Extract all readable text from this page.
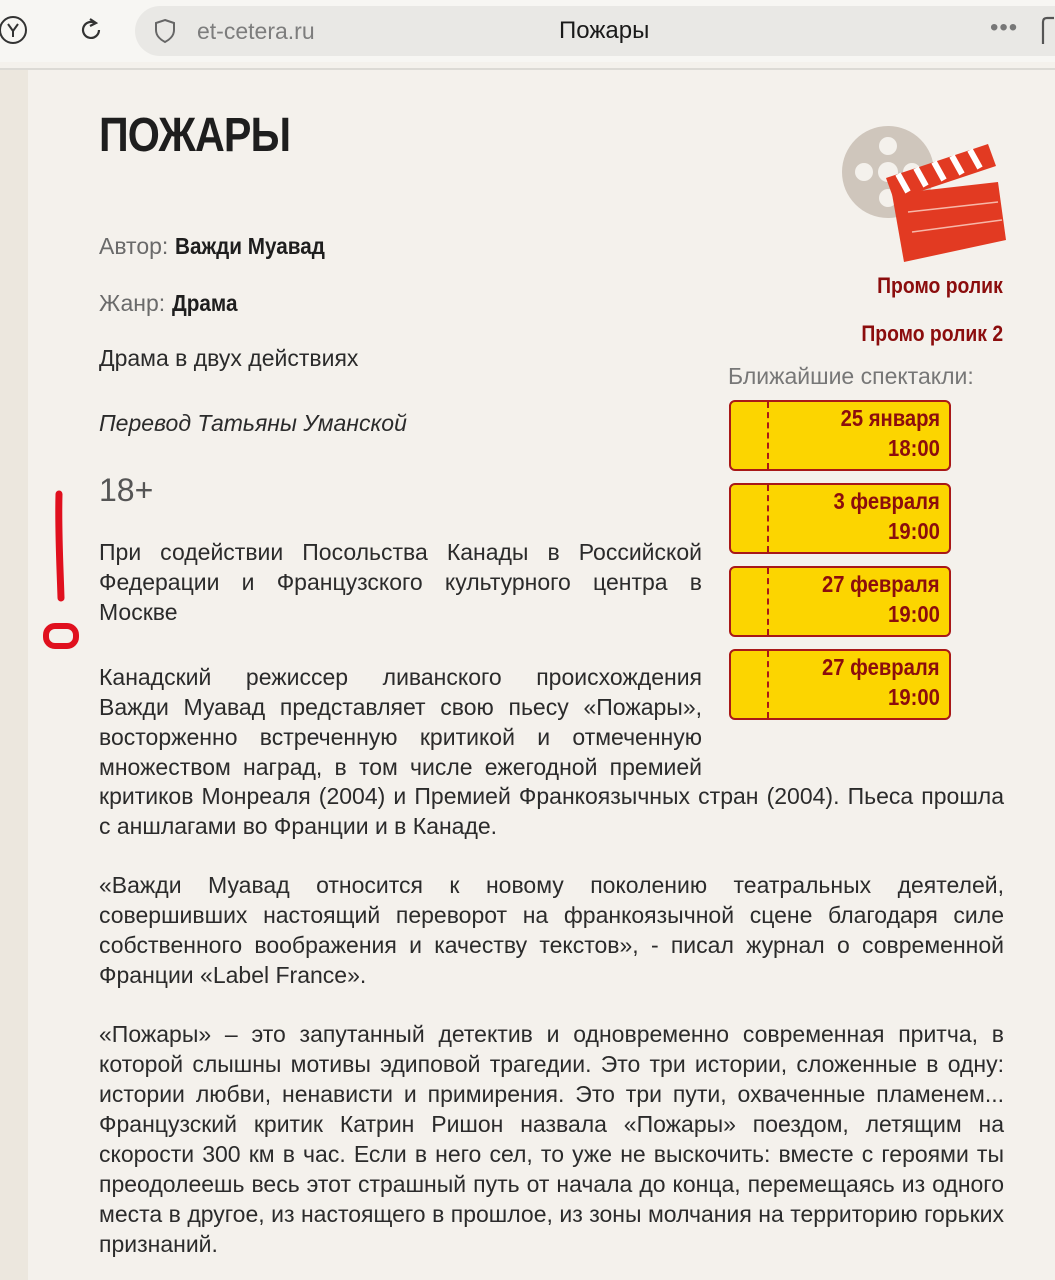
et-cetera.ru	Пожары	•••
ПОЖАРЫ
Автор: Важди Муавад
Жанр: Драма
Драма в двух действиях
Перевод Татьяны Уманской
18+

При содействии Посольства Канады в Российской Федерации и Французского культурного центра в Москве

Канадский режиссер ливанского происхождения
Важди Муавад представляет свою пьесу «Пожары»,
восторженно встреченную критикой и отмеченную
множеством наград, в том числе ежегодной премией

критиков Монреаля (2004) и Премией Франкоязычных стран (2004). Пьеса прошла с аншлагами во Франции и в Канаде.

«Важди Муавад относится к новому поколению театральных деятелей, совершивших настоящий переворот на франкоязычной сцене благодаря силе собственного воображения и качеству текстов», - писал журнал о современной Франции «Label France».

«Пожары» – это запутанный детектив и одновременно современная притча, в которой слышны мотивы эдиповой трагедии. Это три истории, сложенные в одну: истории любви, ненависти и примирения. Это три пути, охваченные пламенем... Французский критик Катрин Ришон назвала «Пожары» поездом, летящим на скорости 300 км в час. Если в него сел, то уже не выскочить: вместе с героями ты преодолеешь весь этот страшный путь от начала до конца, перемещаясь из одного места в другое, из настоящего в прошлое, из зоны молчания на территорию горьких признаний.

Промо ролик
Промо ролик 2
Ближайшие спектакли:
25 января
18:00
3 февраля
19:00
27 февраля
19:00
27 февраля
19:00
